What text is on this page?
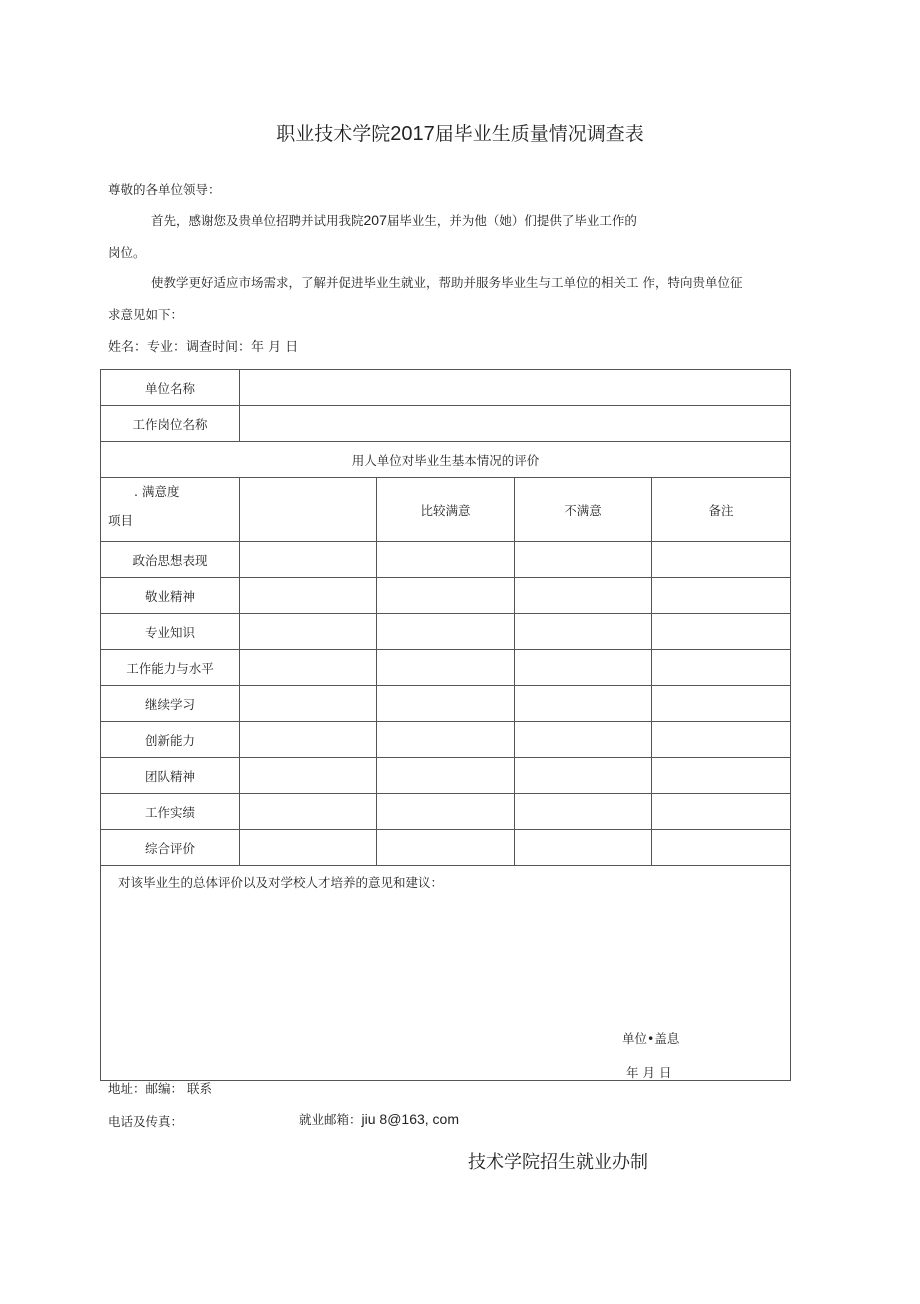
职业技术学院2017届毕业生质量情况调查表
尊敬的各单位领导：
首先，感谢您及贵单位招聘并试用我院207届毕业生，并为他（她）们提供了毕业工作的
岗位。
使教学更好适应市场需求，了解并促进毕业生就业，帮助并服务毕业生与工单位的相关工 作，特向贵单位征
求意见如下：
姓名：专业：调查时间：年 月 日
单位名称				
工作岗位名称				
用人单位对毕业生基本情况的评价				

. 满意度
项目		比较满意	不满意	备注
政治思想表现				
敬业精神				
专业知识				
工作能力与水平				
继续学习				
创新能力				
团队精神				
工作实绩				
综合评价				

对该毕业生的总体评价以及对学校人才培养的意见和建议：
单位•盖息
年 月 日				
地址：邮编： 联系
电话及传真：	就业邮箱：jiu 8@163, com
技术学院招生就业办制
